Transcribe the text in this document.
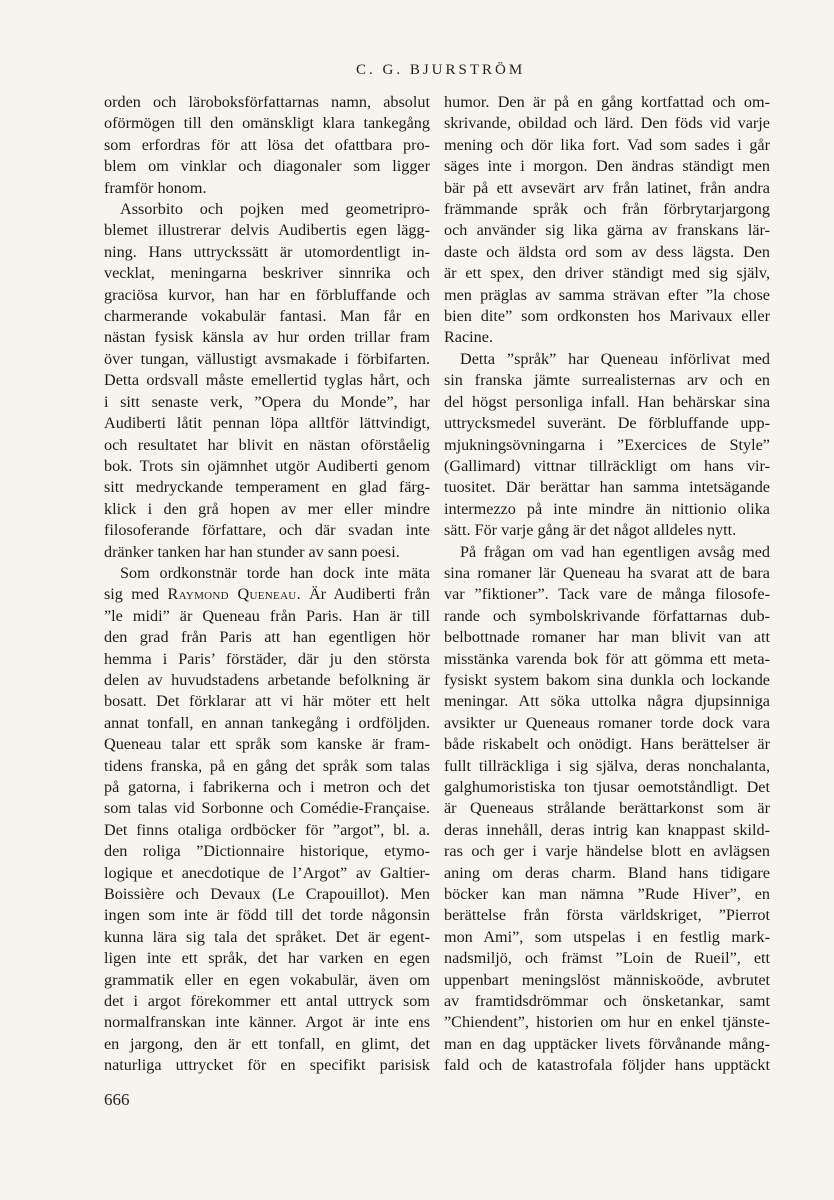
C. G. BJURSTRÖM

orden och läroboksförfattarnas namn, absolut

oförmögen till den omänskligt klara tankegång

som erfordras för att lösa det ofattbara pro-

blem om vinklar och diagonaler som ligger

framför honom.

Assorbito och pojken med geometripro-

blemet illustrerar delvis Audibertis egen lägg-

ning. Hans uttryckssätt är utomordentligt in-

vecklat, meningarna beskriver sinnrika och

graciösa kurvor, han har en förbluffande och

charmerande vokabulär fantasi. Man får en

nästan fysisk känsla av hur orden trillar fram

över tungan, vällustigt avsmakade i förbifarten.

Detta ordsvall måste emellertid tyglas hårt, och

i sitt senaste verk, ”Opera du Monde”, har

Audiberti låtit pennan löpa alltför lättvindigt,

och resultatet har blivit en nästan oförståelig

bok. Trots sin ojämnhet utgör Audiberti genom

sitt medryckande temperament en glad färg-

klick i den grå hopen av mer eller mindre

filosoferande författare, och där svadan inte

dränker tanken har han stunder av sann poesi.

Som ordkonstnär torde han dock inte mäta

sig med Raymond Queneau. Är Audiberti från

”le midi” är Queneau från Paris. Han är till

den grad från Paris att han egentligen hör

hemma i Paris’ förstäder, där ju den största

delen av huvudstadens arbetande befolkning är

bosatt. Det förklarar att vi här möter ett helt

annat tonfall, en annan tankegång i ordföljden.

Queneau talar ett språk som kanske är fram-

tidens franska, på en gång det språk som talas

på gatorna, i fabrikerna och i metron och det

som talas vid Sorbonne och Comédie-Française.

Det finns otaliga ordböcker för ”argot”, bl. a.

den roliga ”Dictionnaire historique, etymo-

logique et anecdotique de l’Argot” av Galtier-

Boissière och Devaux (Le Crapouillot). Men

ingen som inte är född till det torde någonsin

kunna lära sig tala det språket. Det är egent-

ligen inte ett språk, det har varken en egen

grammatik eller en egen vokabulär, även om

det i argot förekommer ett antal uttryck som

normalfranskan inte känner. Argot är inte ens

en jargong, den är ett tonfall, en glimt, det

naturliga uttrycket för en specifikt parisisk

humor. Den är på en gång kortfattad och om-

skrivande, obildad och lärd. Den föds vid varje

mening och dör lika fort. Vad som sades i går

säges inte i morgon. Den ändras ständigt men

bär på ett avsevärt arv från latinet, från andra

främmande språk och från förbrytarjargong

och använder sig lika gärna av franskans lär-

daste och äldsta ord som av dess lägsta. Den

är ett spex, den driver ständigt med sig själv,

men präglas av samma strävan efter ”la chose

bien dite” som ordkonsten hos Marivaux eller

Racine.

Detta ”språk” har Queneau införlivat med

sin franska jämte surrealisternas arv och en

del högst personliga infall. Han behärskar sina

uttrycksmedel suveränt. De förbluffande upp-

mjukningsövningarna i ”Exercices de Style”

(Gallimard) vittnar tillräckligt om hans vir-

tuositet. Där berättar han samma intetsägande

intermezzo på inte mindre än nittionio olika

sätt. För varje gång är det något alldeles nytt.

På frågan om vad han egentligen avsåg med

sina romaner lär Queneau ha svarat att de bara

var ”fiktioner”. Tack vare de många filosofe-

rande och symbolskrivande författarnas dub-

belbottnade romaner har man blivit van att

misstänka varenda bok för att gömma ett meta-

fysiskt system bakom sina dunkla och lockande

meningar. Att söka uttolka några djupsinniga

avsikter ur Queneaus romaner torde dock vara

både riskabelt och onödigt. Hans berättelser är

fullt tillräckliga i sig själva, deras nonchalanta,

galghumoristiska ton tjusar oemotståndligt. Det

är Queneaus strålande berättarkonst som är

deras innehåll, deras intrig kan knappast skild-

ras och ger i varje händelse blott en avlägsen

aning om deras charm. Bland hans tidigare

böcker kan man nämna ”Rude Hiver”, en

berättelse från första världskriget, ”Pierrot

mon Ami”, som utspelas i en festlig mark-

nadsmiljö, och främst ”Loin de Rueil”, ett

uppenbart meningslöst människoöde, avbrutet

av framtidsdrömmar och önsketankar, samt

”Chiendent”, historien om hur en enkel tjänste-

man en dag upptäcker livets förvånande mång-

fald och de katastrofala följder hans upptäckt

666
